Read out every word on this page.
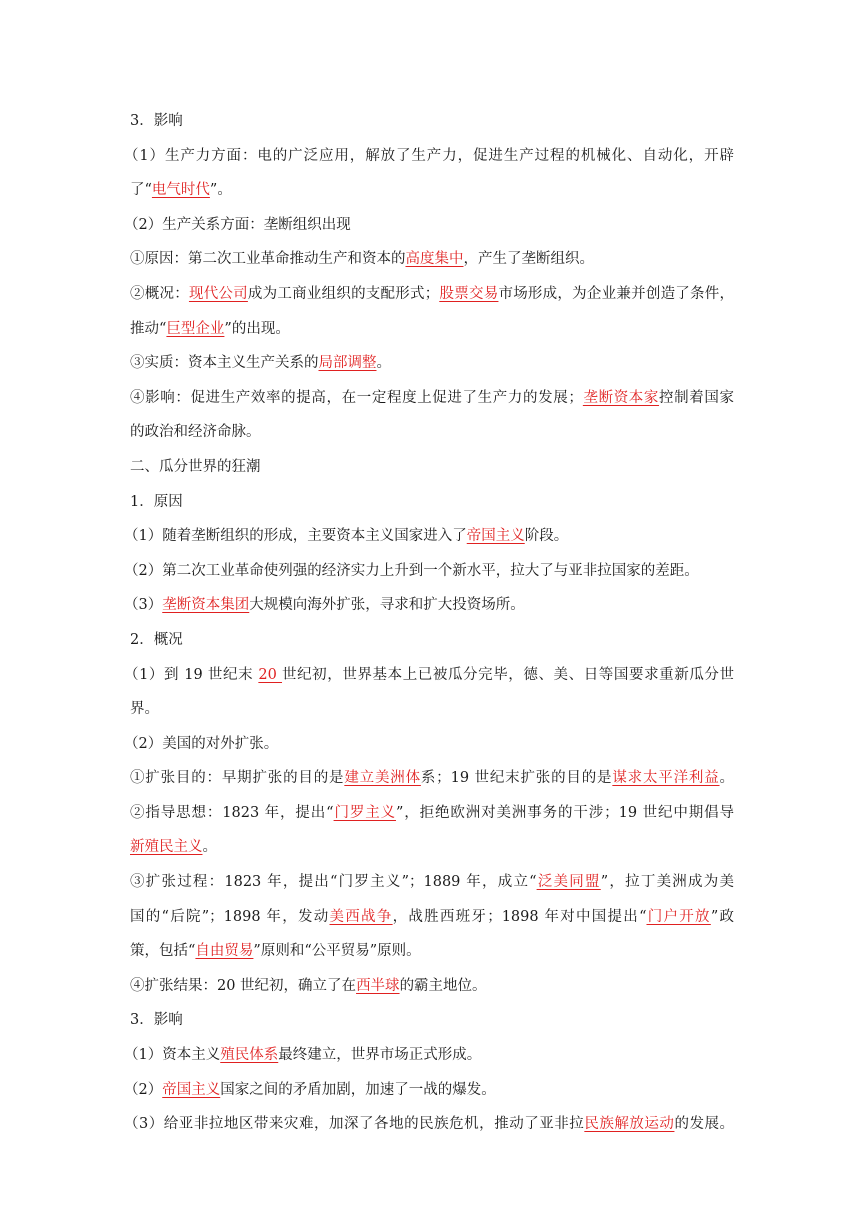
3．影响
（1）生产力方面：电的广泛应用，解放了生产力，促进生产过程的机械化、自动化，开辟
了“电气时代”。
（2）生产关系方面：垄断组织出现
①原因：第二次工业革命推动生产和资本的高度集中，产生了垄断组织。
②概况：现代公司成为工商业组织的支配形式；股票交易市场形成，为企业兼并创造了条件，
推动“巨型企业”的出现。
③实质：资本主义生产关系的局部调整。
④影响：促进生产效率的提高，在一定程度上促进了生产力的发展；垄断资本家控制着国家
的政治和经济命脉。
二、瓜分世界的狂潮
1．原因
（1）随着垄断组织的形成，主要资本主义国家进入了帝国主义阶段。
（2）第二次工业革命使列强的经济实力上升到一个新水平，拉大了与亚非拉国家的差距。
（3）垄断资本集团大规模向海外扩张，寻求和扩大投资场所。
2．概况
（1）到 19 世纪末 20 世纪初，世界基本上已被瓜分完毕，德、美、日等国要求重新瓜分世
界。
（2）美国的对外扩张。
①扩张目的：早期扩张的目的是建立美洲体系；19 世纪末扩张的目的是谋求太平洋利益。
②指导思想：1823 年，提出“门罗主义”，拒绝欧洲对美洲事务的干涉；19 世纪中期倡导
新殖民主义。
③扩张过程：1823 年，提出“门罗主义”；1889 年，成立“泛美同盟”，拉丁美洲成为美
国的“后院”；1898 年，发动美西战争，战胜西班牙；1898 年对中国提出“门户开放”政
策，包括“自由贸易”原则和“公平贸易”原则。
④扩张结果：20 世纪初，确立了在西半球的霸主地位。
3．影响
（1）资本主义殖民体系最终建立，世界市场正式形成。
（2）帝国主义国家之间的矛盾加剧，加速了一战的爆发。
（3）给亚非拉地区带来灾难，加深了各地的民族危机，推动了亚非拉民族解放运动的发展。
